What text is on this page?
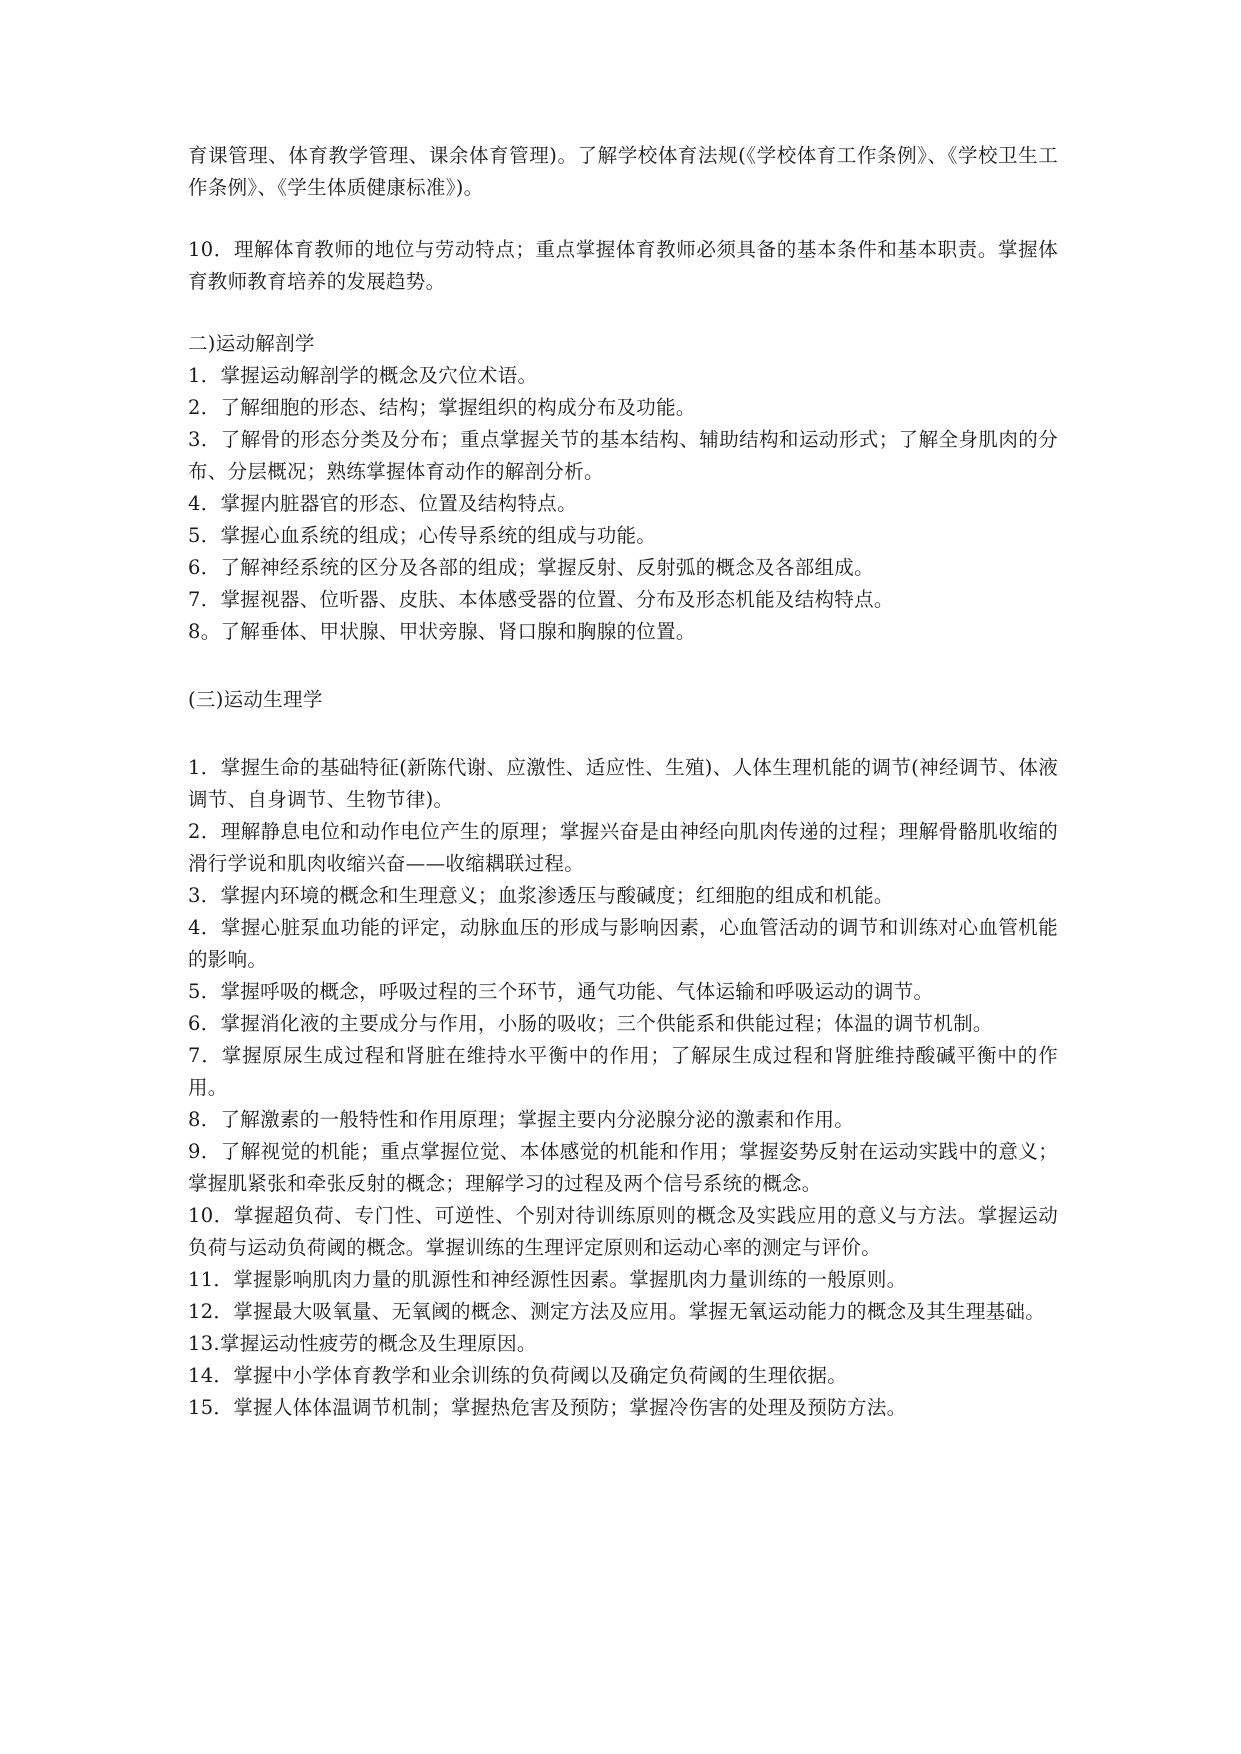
育课管理、体育教学管理、课余体育管理)。了解学校体育法规(《学校体育工作条例》、《学校卫生工作条例》、《学生体质健康标准》)。

10．理解体育教师的地位与劳动特点；重点掌握体育教师必须具备的基本条件和基本职责。掌握体育教师教育培养的发展趋势。

二)运动解剖学

1．掌握运动解剖学的概念及穴位术语。

2．了解细胞的形态、结构；掌握组织的构成分布及功能。

3．了解骨的形态分类及分布；重点掌握关节的基本结构、辅助结构和运动形式；了解全身肌肉的分布、分层概况；熟练掌握体育动作的解剖分析。

4．掌握内脏器官的形态、位置及结构特点。

5．掌握心血系统的组成；心传导系统的组成与功能。

6．了解神经系统的区分及各部的组成；掌握反射、反射弧的概念及各部组成。

7．掌握视器、位听器、皮肤、本体感受器的位置、分布及形态机能及结构特点。

8。了解垂体、甲状腺、甲状旁腺、肾口腺和胸腺的位置。

(三)运动生理学

1．掌握生命的基础特征(新陈代谢、应激性、适应性、生殖)、人体生理机能的调节(神经调节、体液调节、自身调节、生物节律)。

2．理解静息电位和动作电位产生的原理；掌握兴奋是由神经向肌肉传递的过程；理解骨骼肌收缩的滑行学说和肌肉收缩兴奋——收缩耦联过程。

3．掌握内环境的概念和生理意义；血浆渗透压与酸碱度；红细胞的组成和机能。

4．掌握心脏泵血功能的评定，动脉血压的形成与影响因素，心血管活动的调节和训练对心血管机能的影响。

5．掌握呼吸的概念，呼吸过程的三个环节，通气功能、气体运输和呼吸运动的调节。

6．掌握消化液的主要成分与作用，小肠的吸收；三个供能系和供能过程；体温的调节机制。

7．掌握原尿生成过程和肾脏在维持水平衡中的作用；了解尿生成过程和肾脏维持酸碱平衡中的作用。

8．了解激素的一般特性和作用原理；掌握主要内分泌腺分泌的激素和作用。

9．了解视觉的机能；重点掌握位觉、本体感觉的机能和作用；掌握姿势反射在运动实践中的意义；掌握肌紧张和牵张反射的概念；理解学习的过程及两个信号系统的概念。

10．掌握超负荷、专门性、可逆性、个别对待训练原则的概念及实践应用的意义与方法。掌握运动负荷与运动负荷阈的概念。掌握训练的生理评定原则和运动心率的测定与评价。

11．掌握影响肌肉力量的肌源性和神经源性因素。掌握肌肉力量训练的一般原则。

12．掌握最大吸氧量、无氧阈的概念、测定方法及应用。掌握无氧运动能力的概念及其生理基础。

13.掌握运动性疲劳的概念及生理原因。

14．掌握中小学体育教学和业余训练的负荷阈以及确定负荷阈的生理依据。

15．掌握人体体温调节机制；掌握热危害及预防；掌握冷伤害的处理及预防方法。
